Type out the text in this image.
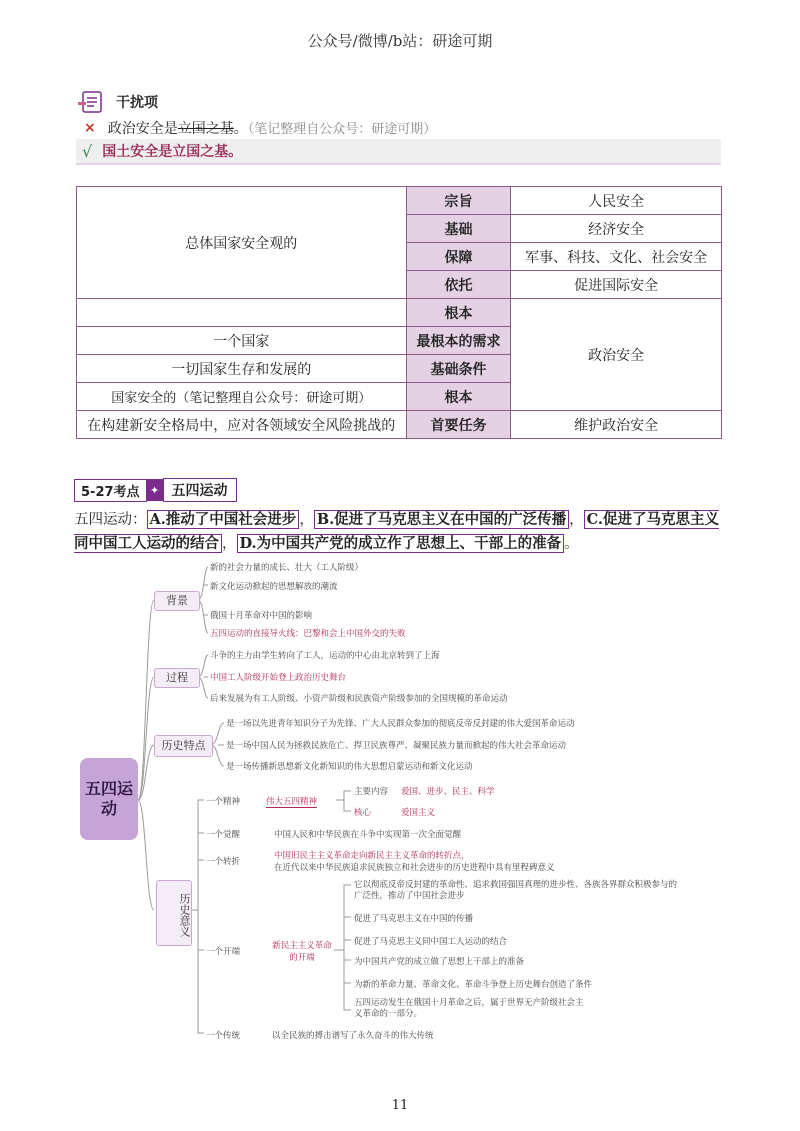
公众号/微博/b站：研途可期
干扰项
× 政治安全是立国之基。（笔记整理自公众号：研途可期）
√ 国土安全是立国之基。
总体国家安全观的	宗旨	人民安全
	基础	经济安全
	保障	军事、科技、文化、社会安全
	依托	促进国际安全
	根本	政治安全
一个国家	最根本的需求	
一切国家生存和发展的	基础条件	
国家安全的（笔记整理自公众号：研途可期）	根本	
在构建新安全格局中，应对各领域安全风险挑战的	首要任务	维护政治安全
5-27考点 ✦ 五四运动
五四运动： A.推动了中国社会进步 ， B.促进了马克思主义在中国的广泛传播 ， C.促进了马克思主义同中国工人运动的结合 ， D.为中国共产党的成立作了思想上、干部上的准备 。
五四运动
背景
新的社会力量的成长、壮大（工人阶级）
新文化运动掀起的思想解放的潮流
俄国十月革命对中国的影响
五四运动的直接导火线：巴黎和会上中国外交的失败
过程
斗争的主力由学生转向了工人，运动的中心由北京转到了上海
中国工人阶级开始登上政治历史舞台
后来发展为有工人阶级、小资产阶级和民族资产阶级参加的全国规模的革命运动
历史特点
是一场以先进青年知识分子为先锋、广大人民群众参加的彻底反帝反封建的伟大爱国革命运动
是一场中国人民为拯救民族危亡、捍卫民族尊严、凝聚民族力量而掀起的伟大社会革命运动
是一场传播新思想新文化新知识的伟大思想启蒙运动和新文化运动
历史意义
一个精神	伟大五四精神
主要内容 爱国、进步、民主、科学
核心	爱国主义
一个觉醒	中国人民和中华民族在斗争中实现第一次全面觉醒
一个转折
中国旧民主主义革命走向新民主主义革命的转折点，
在近代以来中华民族追求民族独立和社会进步的历史进程中具有里程碑意义
一个开端
新民主主义革命的开端
它以彻底反帝反封建的革命性、追求救国强国真理的进步性、各族各界群众积极参与的广泛性，推动了中国社会进步
促进了马克思主义在中国的传播
促进了马克思主义同中国工人运动的结合
为中国共产党的成立做了思想上干部上的准备
为新的革命力量、革命文化、革命斗争登上历史舞台创造了条件
五四运动发生在俄国十月革命之后，属于世界无产阶级社会主义革命的一部分。
一个传统	以全民族的搏击谱写了永久奋斗的伟大传统
11
